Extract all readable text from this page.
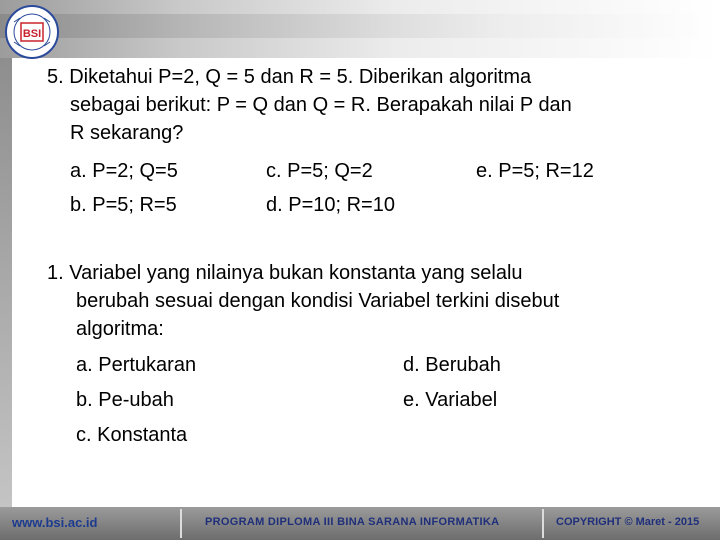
BSI
5. Diketahui P=2, Q = 5 dan R = 5. Diberikan algoritma
sebagai berikut: P = Q dan Q = R. Berapakah nilai P dan
R sekarang?
a. P=2; Q=5	c. P=5; Q=2	e. P=5; R=12
b. P=5; R=5	d. P=10; R=10
1. Variabel yang nilainya bukan konstanta yang selalu
berubah sesuai dengan kondisi Variabel terkini disebut
algoritma:
a. Pertukaran	d. Berubah
b. Pe-ubah	e. Variabel
c. Konstanta
www.bsi.ac.id	PROGRAM DIPLOMA III BINA SARANA INFORMATIKA	COPYRIGHT © Maret - 2015
